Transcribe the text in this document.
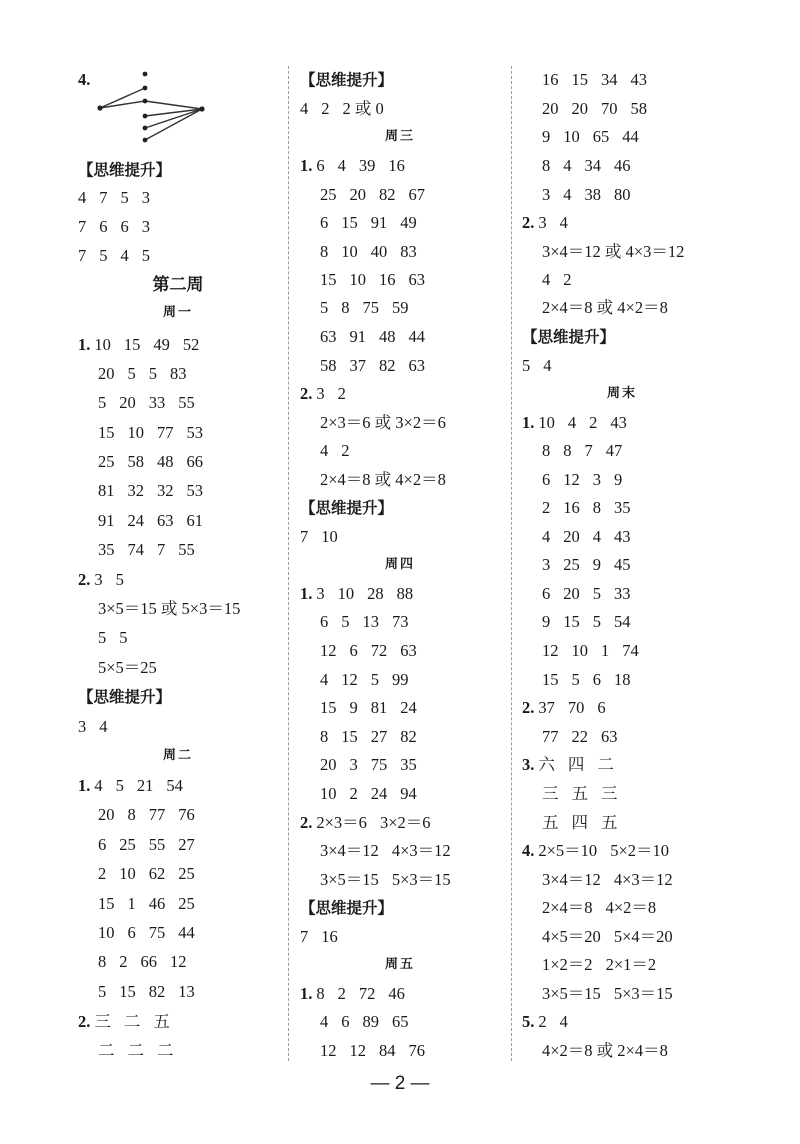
4.
【思维提升】
4 7 5 3
7 6 6 3
7 5 4 5
第二周
周一
1. 10 15 49 52
20 5 5 83
5 20 33 55
15 10 77 53
25 58 48 66
81 32 32 53
91 24 63 61
35 74 7 55
2. 3 5
3×5＝15 或 5×3＝15
5 5
5×5＝25
【思维提升】
3 4
周二
1. 4 5 21 54
20 8 77 76
6 25 55 27
2 10 62 25
15 1 46 25
10 6 75 44
8 2 66 12
5 15 82 13
2. 三 二 五
二 二 二
【思维提升】
4 2 2 或 0
周三
1. 6 4 39 16
25 20 82 67
6 15 91 49
8 10 40 83
15 10 16 63
5 8 75 59
63 91 48 44
58 37 82 63
2. 3 2
2×3＝6 或 3×2＝6
4 2
2×4＝8 或 4×2＝8
【思维提升】
7 10
周四
1. 3 10 28 88
6 5 13 73
12 6 72 63
4 12 5 99
15 9 81 24
8 15 27 82
20 3 75 35
10 2 24 94
2. 2×3＝6 3×2＝6
3×4＝12 4×3＝12
3×5＝15 5×3＝15
【思维提升】
7 16
周五
1. 8 2 72 46
4 6 89 65
12 12 84 76
16 15 34 43
20 20 70 58
9 10 65 44
8 4 34 46
3 4 38 80
2. 3 4
3×4＝12 或 4×3＝12
4 2
2×4＝8 或 4×2＝8
【思维提升】
5 4
周末
1. 10 4 2 43
8 8 7 47
6 12 3 9
2 16 8 35
4 20 4 43
3 25 9 45
6 20 5 33
9 15 5 54
12 10 1 74
15 5 6 18
2. 37 70 6
77 22 63
3. 六 四 二
三 五 三
五 四 五
4. 2×5＝10 5×2＝10
3×4＝12 4×3＝12
2×4＝8 4×2＝8
4×5＝20 5×4＝20
1×2＝2 2×1＝2
3×5＝15 5×3＝15
5. 2 4
4×2＝8 或 2×4＝8
— 2 —
